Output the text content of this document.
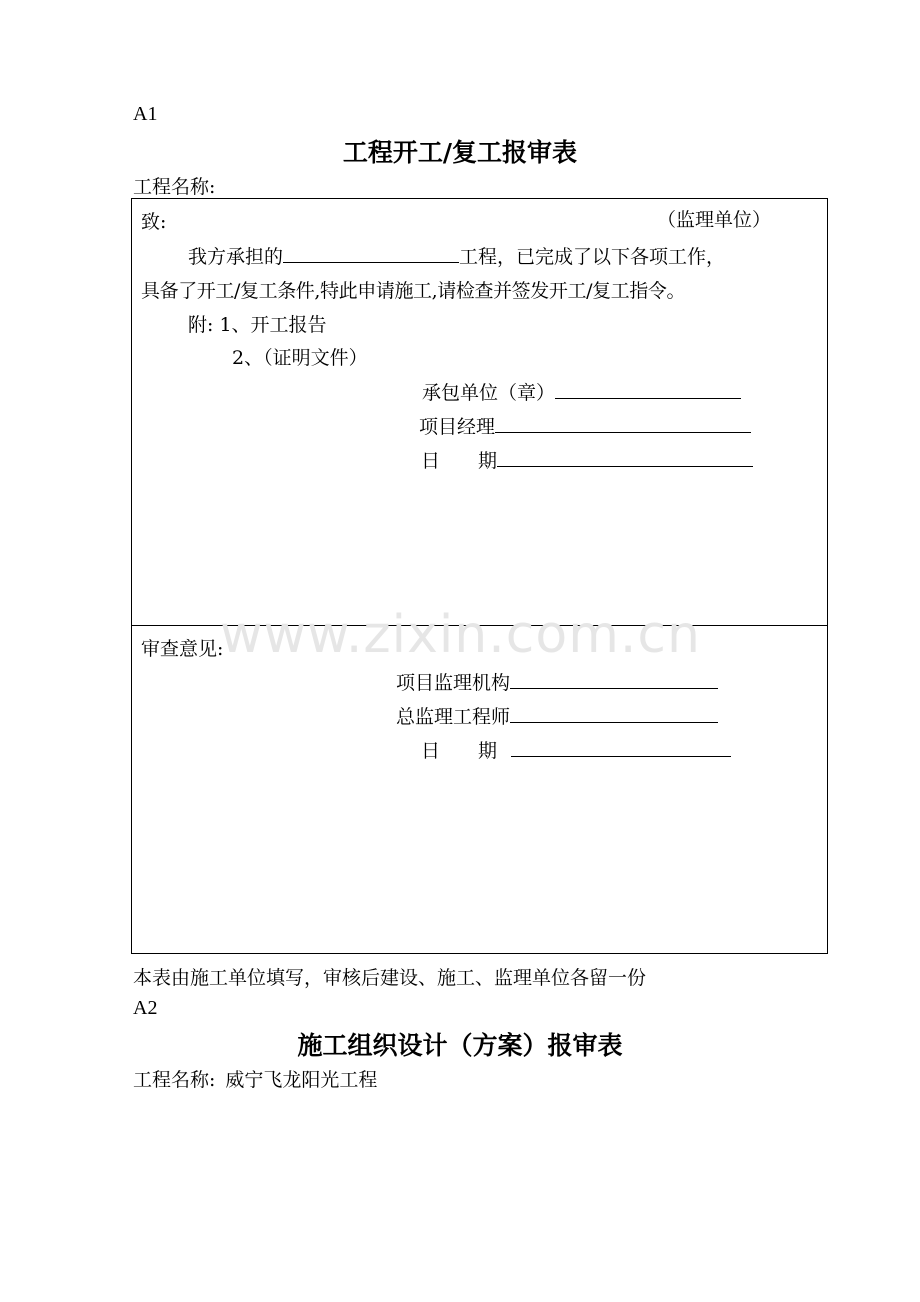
A1
工程开工/复工报审表
工程名称:
致:	（监理单位）
我方承担的	工程，已完成了以下各项工作，
具备了开工/复工条件,特此申请施工,请检查并签发开工/复工指令。
附: 1、开工报告
2、（证明文件）
承包单位（章）
项目经理
日　　期
www.zixin.com.cn
审查意见:
项目监理机构
总监理工程师
日　　期
本表由施工单位填写，审核后建设、施工、监理单位各留一份
A2
施工组织设计（方案）报审表
工程名称: 威宁飞龙阳光工程
